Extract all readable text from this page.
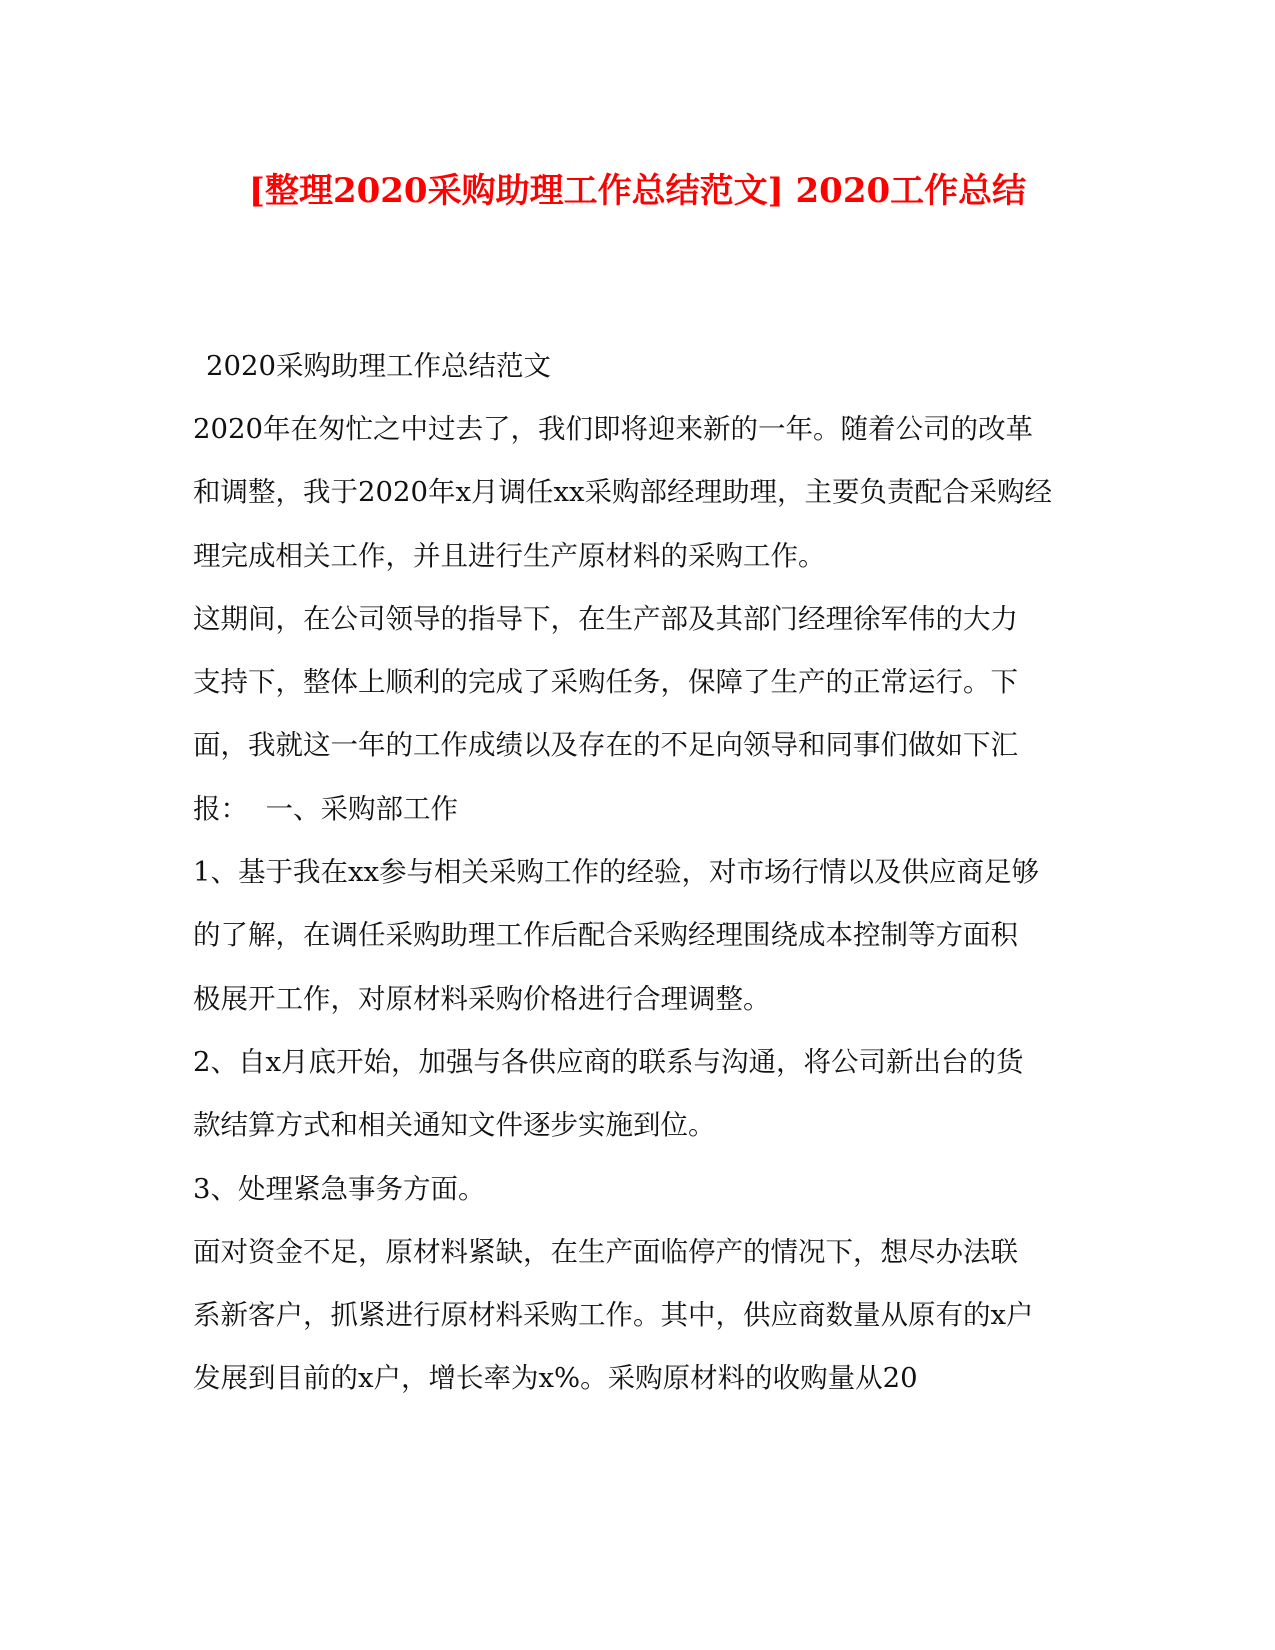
[整理2020采购助理工作总结范文] 2020工作总结
2020采购助理工作总结范文
2020年在匆忙之中过去了，我们即将迎来新的一年。随着公司的改革
和调整，我于2020年x月调任xx采购部经理助理，主要负责配合采购经
理完成相关工作，并且进行生产原材料的采购工作。
这期间，在公司领导的指导下，在生产部及其部门经理徐军伟的大力
支持下，整体上顺利的完成了采购任务，保障了生产的正常运行。下
面，我就这一年的工作成绩以及存在的不足向领导和同事们做如下汇
报：  一、采购部工作
1、基于我在xx参与相关采购工作的经验，对市场行情以及供应商足够
的了解，在调任采购助理工作后配合采购经理围绕成本控制等方面积
极展开工作，对原材料采购价格进行合理调整。
2、自x月底开始，加强与各供应商的联系与沟通，将公司新出台的货
款结算方式和相关通知文件逐步实施到位。
3、处理紧急事务方面。
面对资金不足，原材料紧缺，在生产面临停产的情况下，想尽办法联
系新客户，抓紧进行原材料采购工作。其中，供应商数量从原有的x户
发展到目前的x户，增长率为x%。采购原材料的收购量从20
